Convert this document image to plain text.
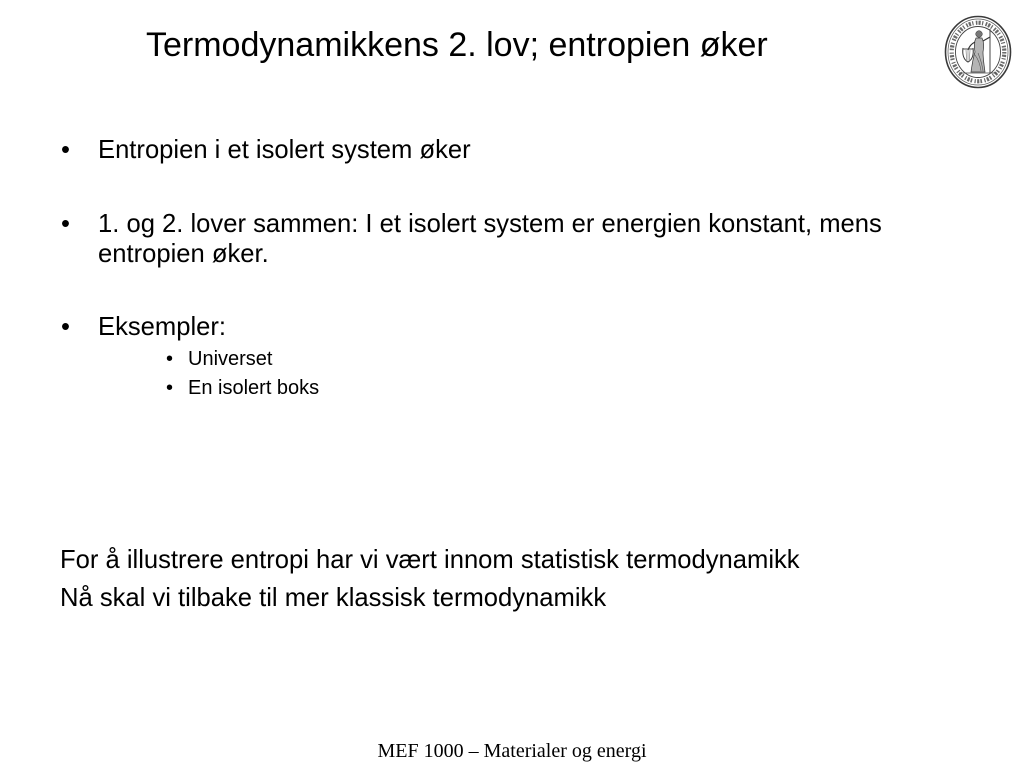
Termodynamikkens 2. lov; entropien øker
• Entropien i et isolert system øker
• 1. og 2. lover sammen: I et isolert system er energien konstant, mens entropien øker.
• Eksempler:
• Universet
• En isolert boks

For å illustrere entropi har vi vært innom statistisk termodynamikk

Nå skal vi tilbake til mer klassisk termodynamikk

MEF 1000 – Materialer og energi
